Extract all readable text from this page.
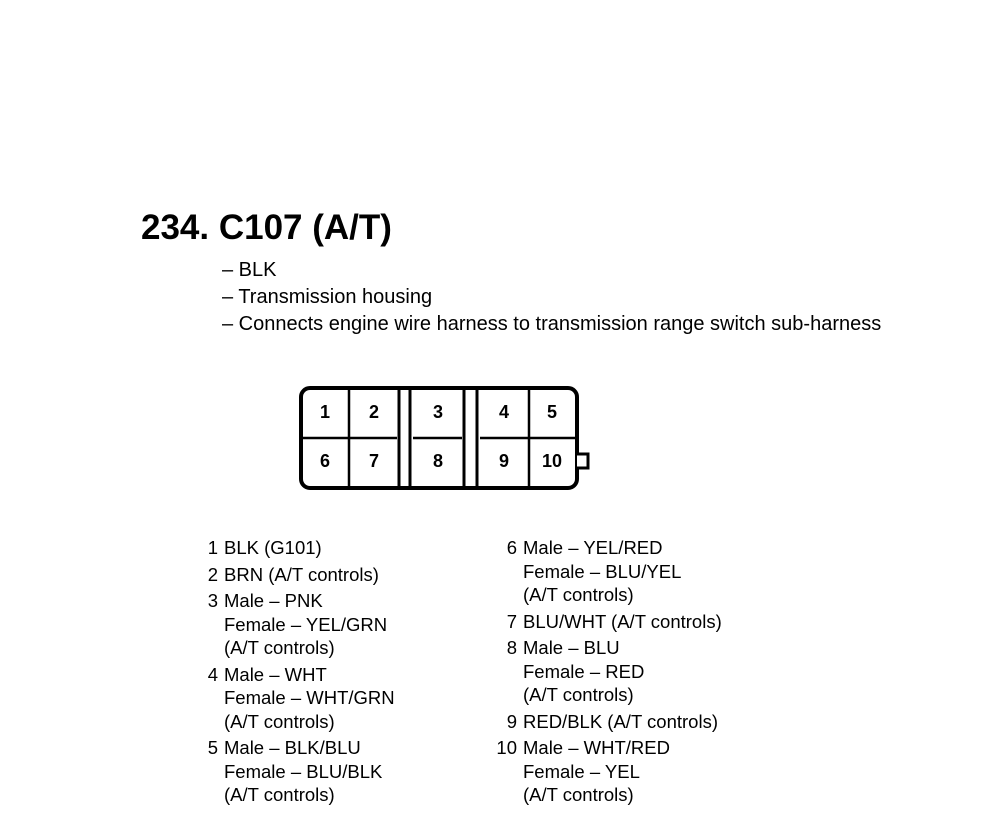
234. C107 (A/T)
– BLK
– Transmission housing
– Connects engine wire harness to transmission range switch sub-harness
1 2	3	4 5
6 7	8	9 10
1 BLK (G101)
2 BRN (A/T controls)
3 Male – PNK
Female – YEL/GRN
(A/T controls)
4 Male – WHT
Female – WHT/GRN
(A/T controls)
5 Male – BLK/BLU
Female – BLU/BLK
(A/T controls)
6 Male – YEL/RED
Female – BLU/YEL
(A/T controls)
7 BLU/WHT (A/T controls)
8 Male – BLU
Female – RED
(A/T controls)
9 RED/BLK (A/T controls)
10 Male – WHT/RED
Female – YEL
(A/T controls)
